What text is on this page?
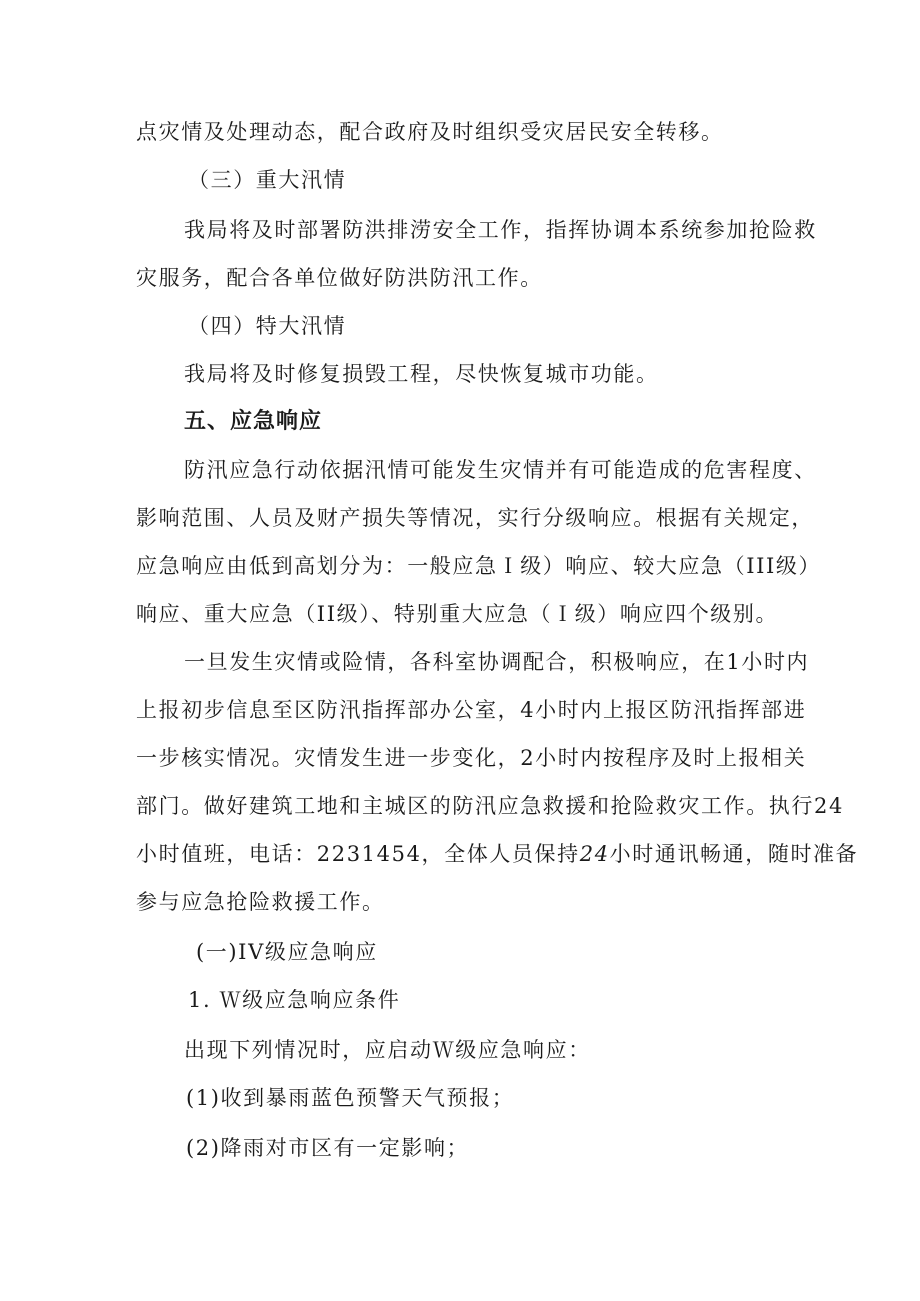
点灾情及处理动态，配合政府及时组织受灾居民安全转移。

（三）重大汛情

我局将及时部署防洪排涝安全工作，指挥协调本系统参加抢险救

灾服务，配合各单位做好防洪防汛工作。

（四）特大汛情

我局将及时修复损毁工程，尽快恢复城市功能。

五、应急响应

防汛应急行动依据汛情可能发生灾情并有可能造成的危害程度、

影响范围、人员及财产损失等情况，实行分级响应。根据有关规定，

应急响应由低到高划分为：一般应急Ｉ级）响应、较大应急（III级）

响应、重大应急（II级）、特别重大应急（Ｉ级）响应四个级别。

一旦发生灾情或险情，各科室协调配合，积极响应，在1小时内

上报初步信息至区防汛指挥部办公室，4小时内上报区防汛指挥部进

一步核实情况。灾情发生进一步变化，2小时内按程序及时上报相关

部门。做好建筑工地和主城区的防汛应急救援和抢险救灾工作。执行24

小时值班，电话：2231454，全体人员保持24小时通讯畅通，随时准备

参与应急抢险救援工作。

(一)IV级应急响应

1. Ｗ级应急响应条件

出现下列情况时，应启动Ｗ级应急响应：

(1)收到暴雨蓝色预警天气预报；

(2)降雨对市区有一定影响；
